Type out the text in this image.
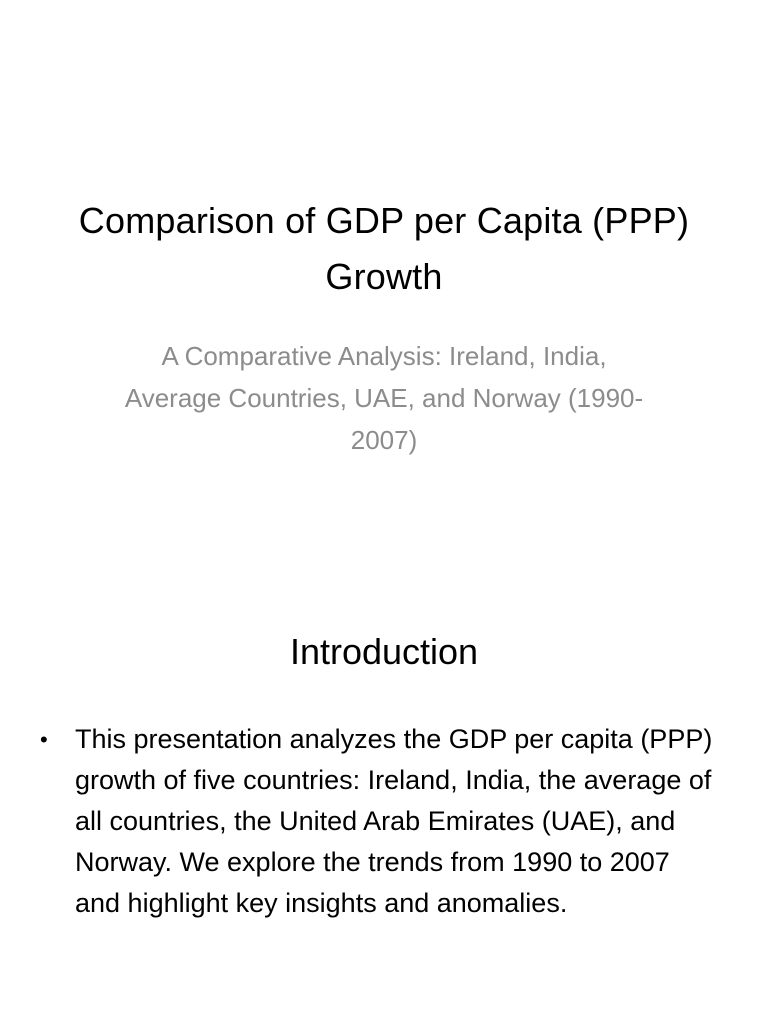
Comparison of GDP per Capita (PPP) Growth
A Comparative Analysis: Ireland, India, Average Countries, UAE, and Norway (1990-2007)
Introduction
•	This presentation analyzes the GDP per capita (PPP) growth of five countries: Ireland, India, the average of all countries, the United Arab Emirates (UAE), and Norway. We explore the trends from 1990 to 2007 and highlight key insights and anomalies.
